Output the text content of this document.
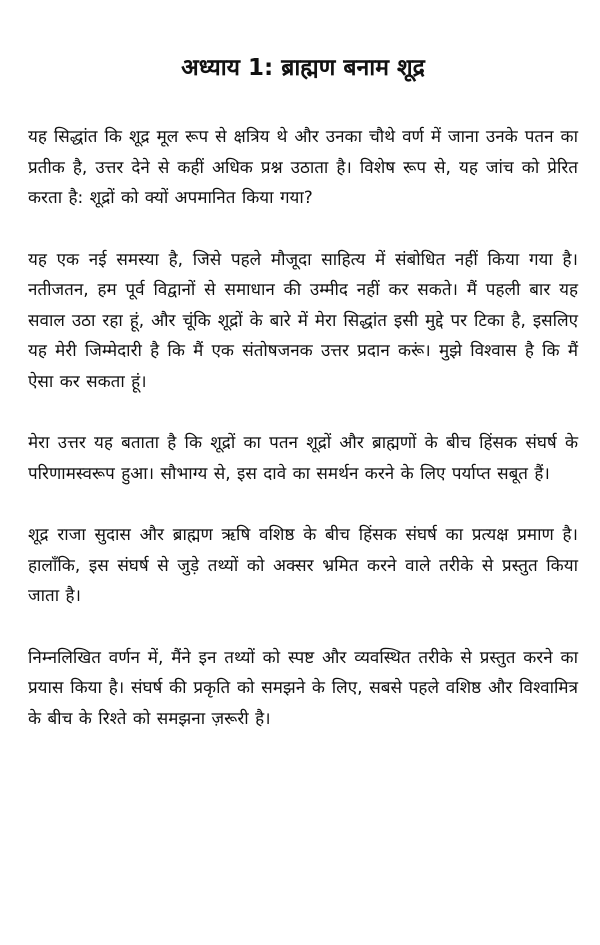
अध्याय 1: ब्राह्मण बनाम शूद्र

यह सिद्धांत कि शूद्र मूल रूप से क्षत्रिय थे और उनका चौथे वर्ण में जाना उनके पतन का प्रतीक है, उत्तर देने से कहीं अधिक प्रश्न उठाता है। विशेष रूप से, यह जांच को प्रेरित करता है: शूद्रों को क्यों अपमानित किया गया?

यह एक नई समस्या है, जिसे पहले मौजूदा साहित्य में संबोधित नहीं किया गया है। नतीजतन, हम पूर्व विद्वानों से समाधान की उम्मीद नहीं कर सकते। मैं पहली बार यह सवाल उठा रहा हूं, और चूंकि शूद्रों के बारे में मेरा सिद्धांत इसी मुद्दे पर टिका है, इसलिए यह मेरी जिम्मेदारी है कि मैं एक संतोषजनक उत्तर प्रदान करूं। मुझे विश्वास है कि मैं ऐसा कर सकता हूं।

मेरा उत्तर यह बताता है कि शूद्रों का पतन शूद्रों और ब्राह्मणों के बीच हिंसक संघर्ष के परिणामस्वरूप हुआ। सौभाग्य से, इस दावे का समर्थन करने के लिए पर्याप्त सबूत हैं।

शूद्र राजा सुदास और ब्राह्मण ऋषि वशिष्ठ के बीच हिंसक संघर्ष का प्रत्यक्ष प्रमाण है। हालाँकि, इस संघर्ष से जुड़े तथ्यों को अक्सर भ्रमित करने वाले तरीके से प्रस्तुत किया जाता है।

निम्नलिखित वर्णन में, मैंने इन तथ्यों को स्पष्ट और व्यवस्थित तरीके से प्रस्तुत करने का प्रयास किया है। संघर्ष की प्रकृति को समझने के लिए, सबसे पहले वशिष्ठ और विश्वामित्र के बीच के रिश्ते को समझना ज़रूरी है।
